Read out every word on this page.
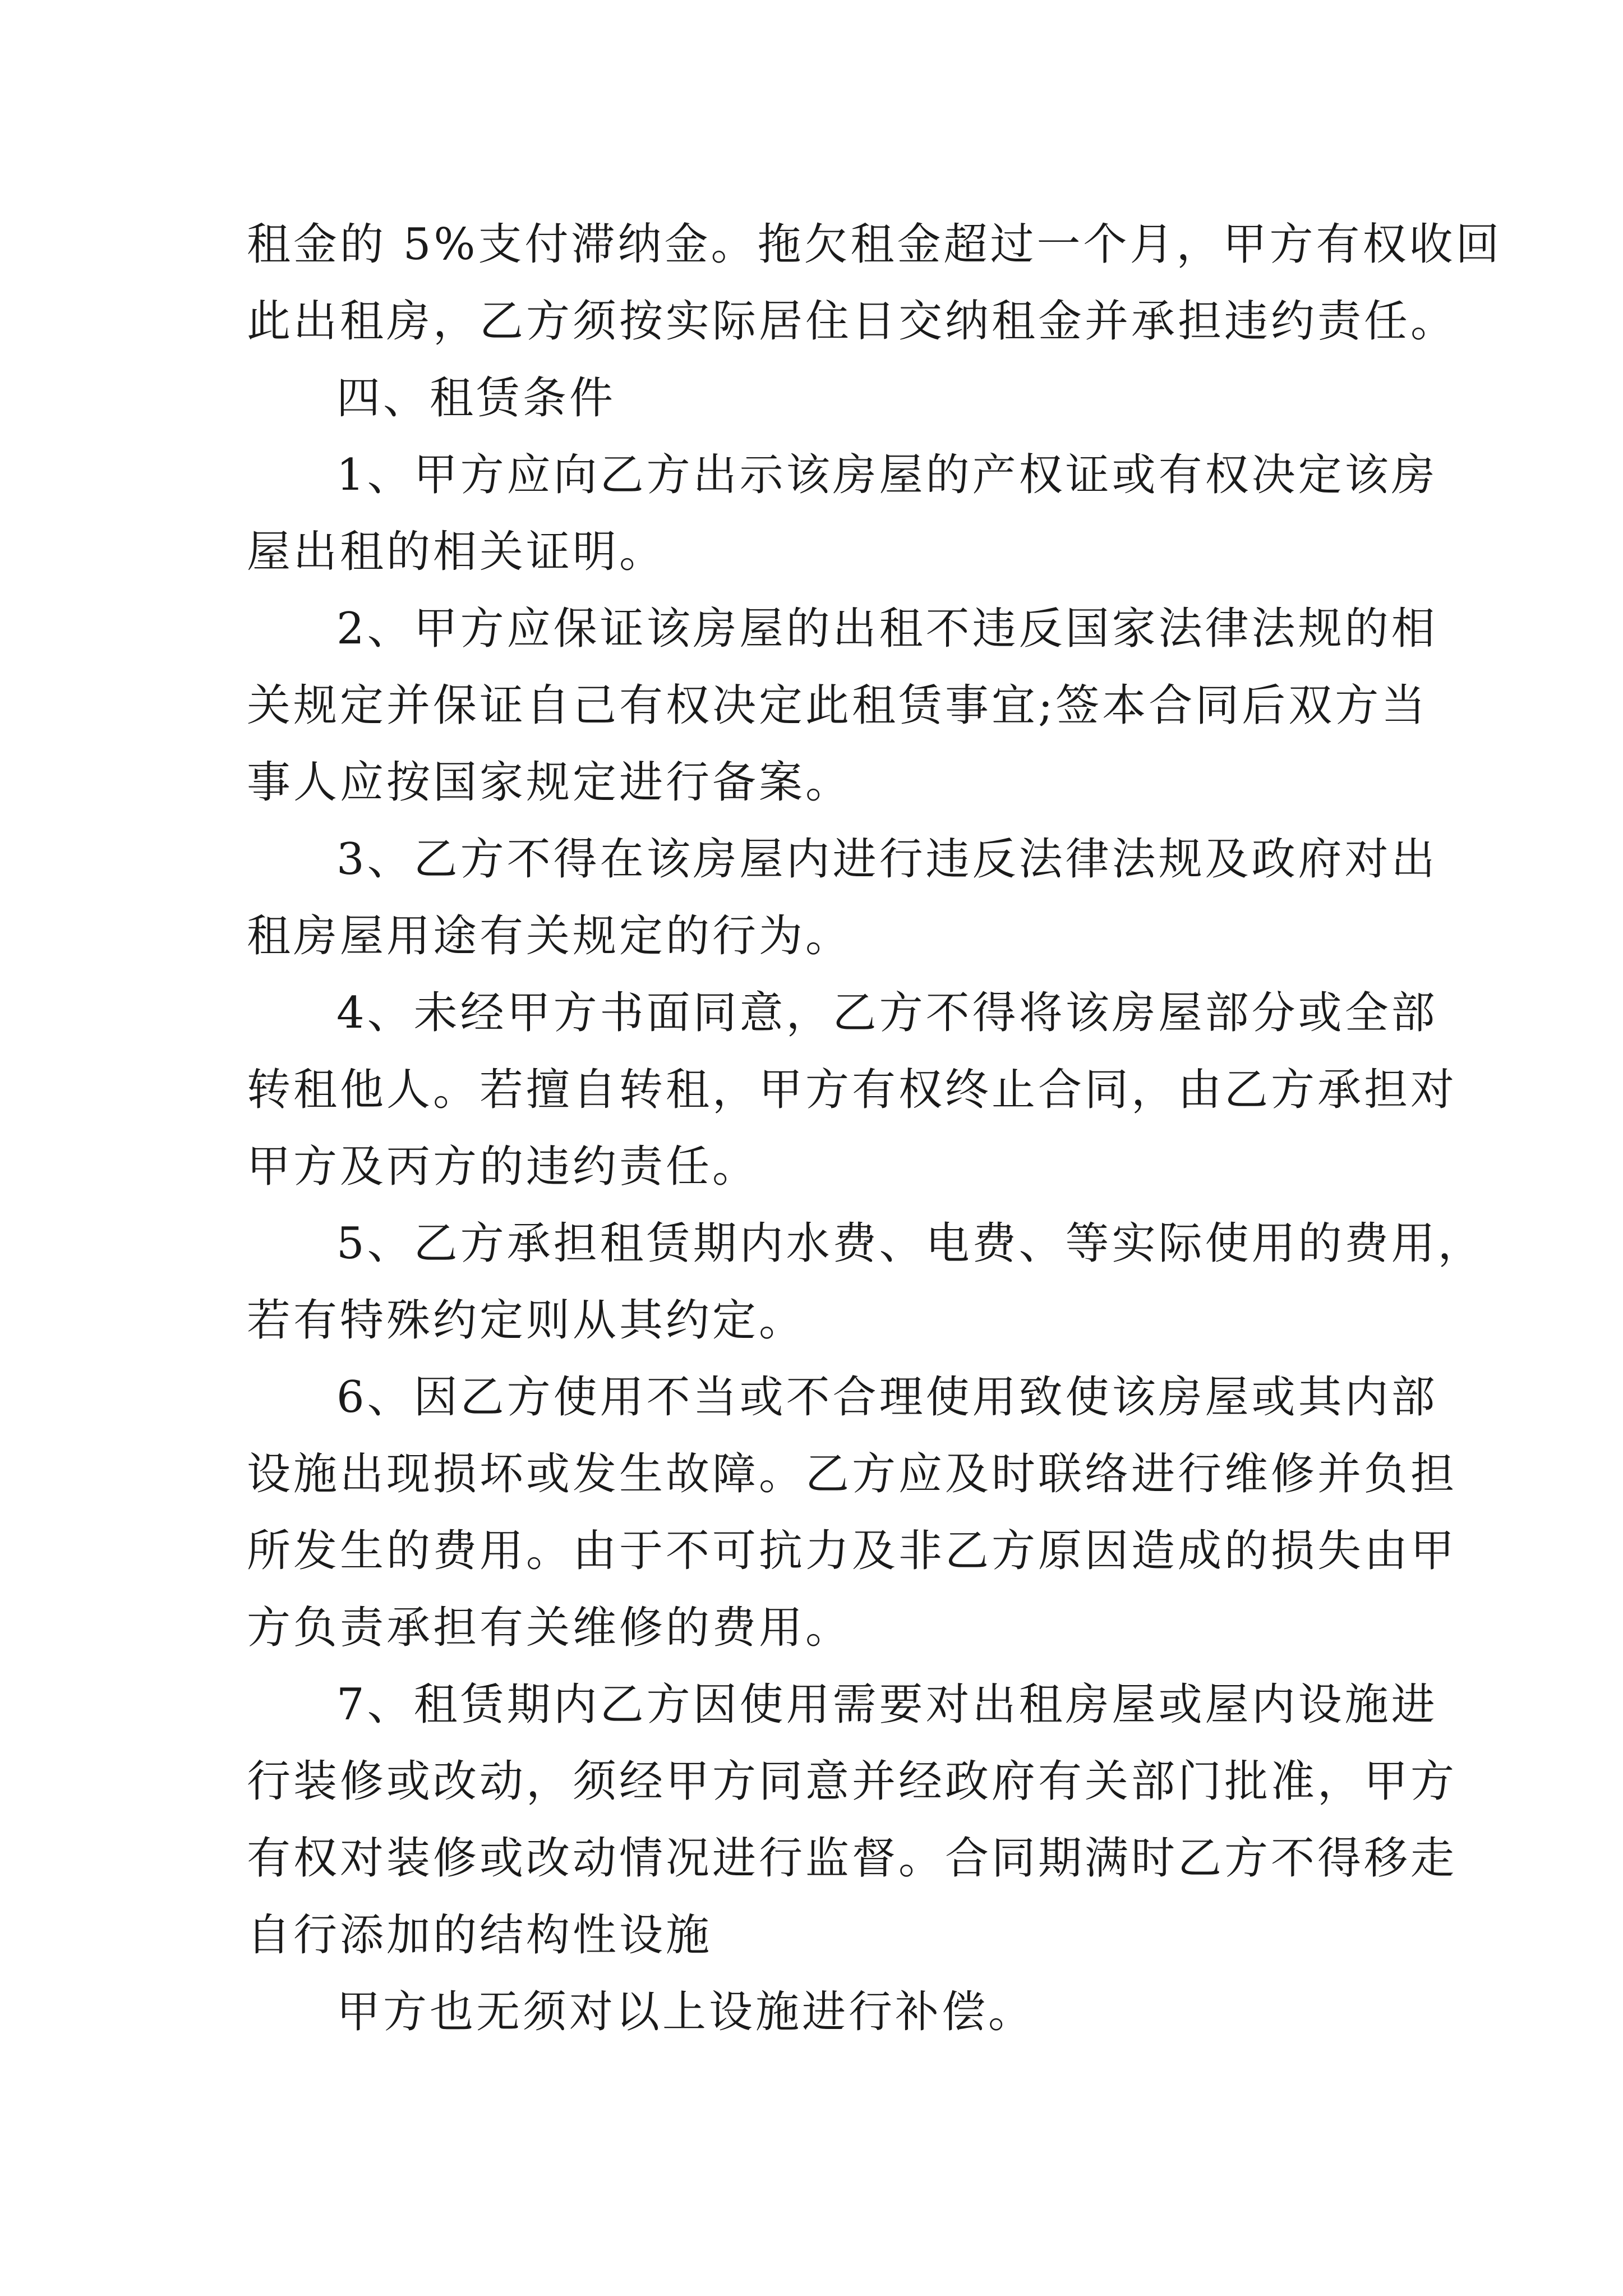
租金的 5%支付滞纳金。拖欠租金超过一个月，甲方有权收回
此出租房，乙方须按实际居住日交纳租金并承担违约责任。
四、租赁条件
1、甲方应向乙方出示该房屋的产权证或有权决定该房
屋出租的相关证明。
2、甲方应保证该房屋的出租不违反国家法律法规的相
关规定并保证自己有权决定此租赁事宜;签本合同后双方当
事人应按国家规定进行备案。
3、乙方不得在该房屋内进行违反法律法规及政府对出
租房屋用途有关规定的行为。
4、未经甲方书面同意，乙方不得将该房屋部分或全部
转租他人。若擅自转租，甲方有权终止合同，由乙方承担对
甲方及丙方的违约责任。
5、乙方承担租赁期内水费、电费、等实际使用的费用，
若有特殊约定则从其约定。
6、因乙方使用不当或不合理使用致使该房屋或其内部
设施出现损坏或发生故障。乙方应及时联络进行维修并负担
所发生的费用。由于不可抗力及非乙方原因造成的损失由甲
方负责承担有关维修的费用。
7、租赁期内乙方因使用需要对出租房屋或屋内设施进
行装修或改动，须经甲方同意并经政府有关部门批准，甲方
有权对装修或改动情况进行监督。合同期满时乙方不得移走
自行添加的结构性设施
甲方也无须对以上设施进行补偿。
